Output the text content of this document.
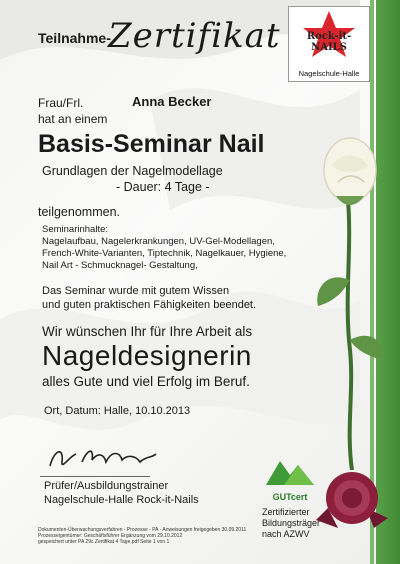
Teilnahme-
Zertifikat	Rock-it-NAILS
Nagelschule-Halle
Frau/Frl.	Anna Becker
hat an einem
Basis-Seminar Nail
Grundlagen der Nagelmodellage
- Dauer: 4 Tage -
teilgenommen.
Seminarinhalte:
Nagelaufbau, Nagelerkrankungen, UV-Gel-Modellagen,
French-White-Varianten, Tiptechnik, Nagelkauer, Hygiene,
Nail Art - Schmucknagel- Gestaltung,
Das Seminar wurde mit gutem Wissen
und guten praktischen Fähigkeiten beendet.
Wir wünschen Ihr für Ihre Arbeit als
Nageldesignerin
alles Gute und viel Erfolg im Beruf.
Ort, Datum: Halle, 10.10.2013
Prüfer/Ausbildungstrainer
Nagelschule-Halle Rock-it-Nails	GUTcert
Zertifizierter
Bildungsträger
nach AZWV
Dokumenten-Überwachungsverfahren - Prozesse - PA - Anweisungen freigegeben 30.09.2011
Prozesseigentümer: Geschäftsführer Ergänzung vom 29.10.2012
gespeichert unter PA 29c Zertifikat 4 Tage.pdf Seite 1 von 1
